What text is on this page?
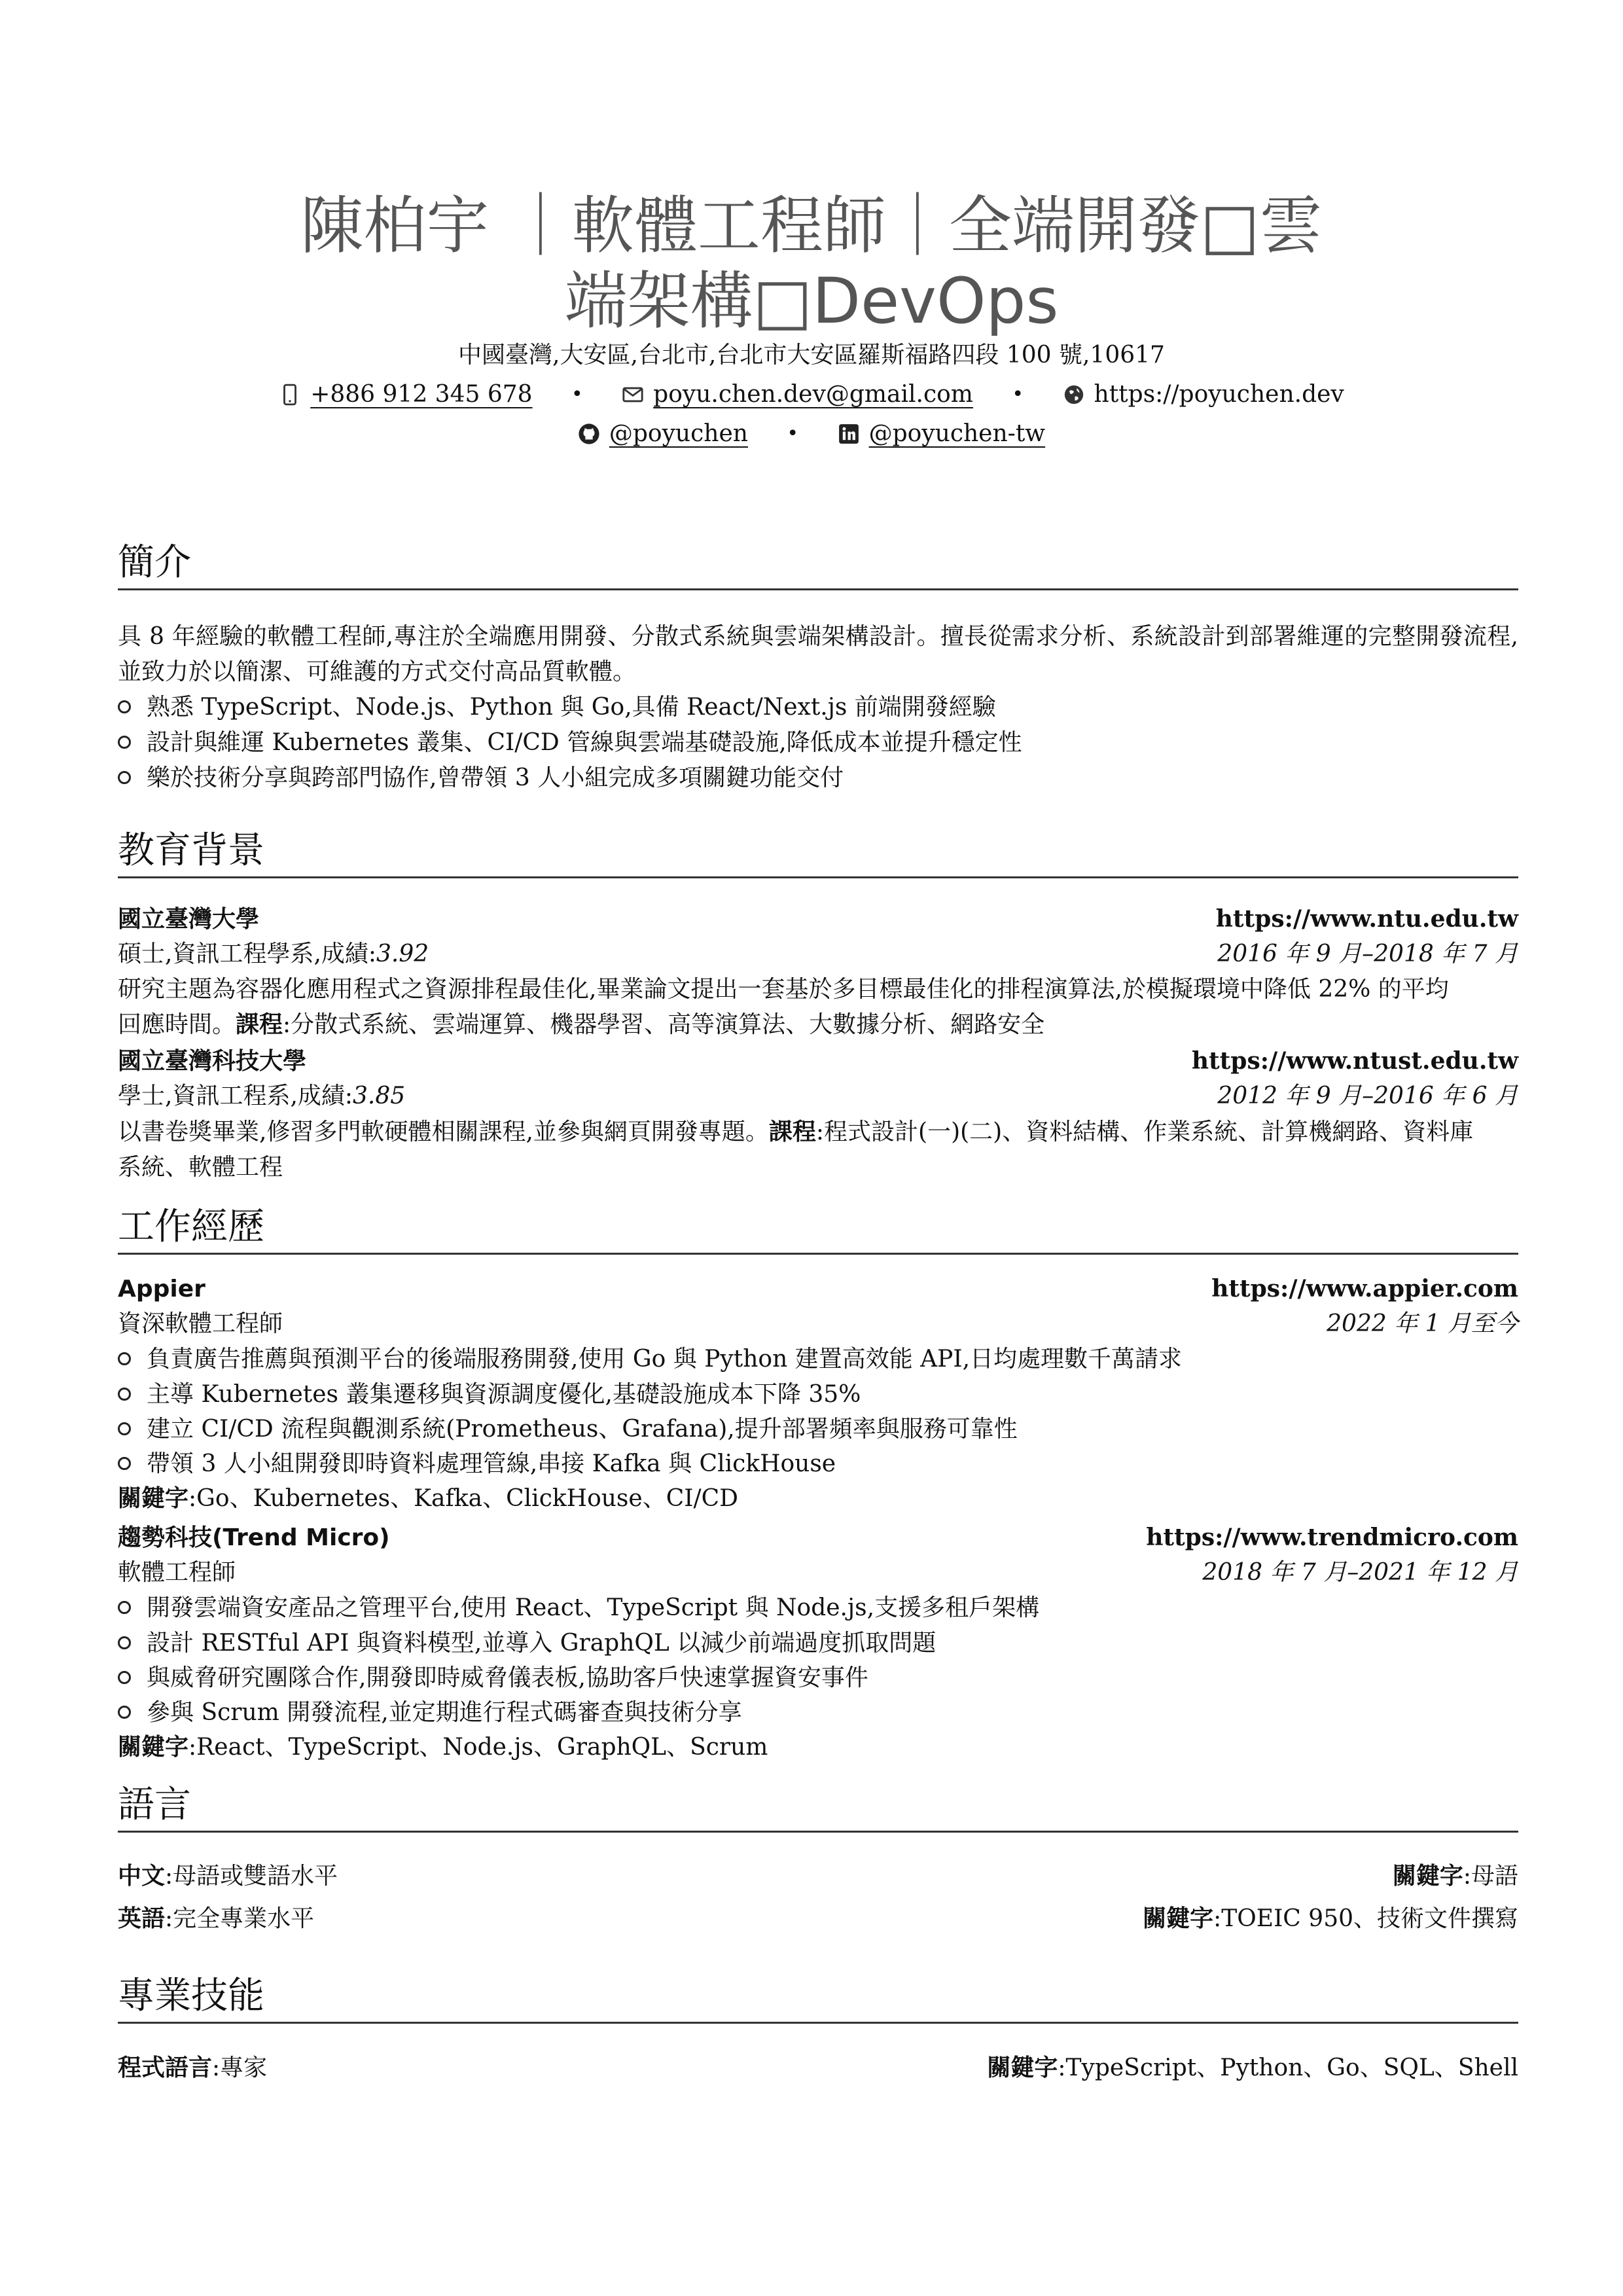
陳柏宇 ｜軟體工程師｜全端開發□雲
端架構□DevOps
中國臺灣,大安區,台北市,台北市大安區羅斯福路四段 100 號,10617
+886 912 345 678 •	poyu.chen.dev@gmail.com •	https://poyuchen.dev
@poyuchen •	@poyuchen-tw
簡介
具 8 年經驗的軟體工程師,專注於全端應用開發、分散式系統與雲端架構設計。擅長從需求分析、系統設計到部署維運的完整開發流程,並致力於以簡潔、可維護的方式交付高品質軟體。
熟悉 TypeScript、Node.js、Python 與 Go,具備 React/Next.js 前端開發經驗
設計與維運 Kubernetes 叢集、CI/CD 管線與雲端基礎設施,降低成本並提升穩定性
樂於技術分享與跨部門協作,曾帶領 3 人小組完成多項關鍵功能交付
教育背景
國立臺灣大學	https://www.ntu.edu.tw
碩士,資訊工程學系,成績:3.92	2016 年 9 月–2018 年 7 月
研究主題為容器化應用程式之資源排程最佳化,畢業論文提出一套基於多目標最佳化的排程演算法,於模擬環境中降低 22% 的平均
回應時間。課程:分散式系統、雲端運算、機器學習、高等演算法、大數據分析、網路安全
國立臺灣科技大學	https://www.ntust.edu.tw
學士,資訊工程系,成績:3.85	2012 年 9 月–2016 年 6 月
以書卷獎畢業,修習多門軟硬體相關課程,並參與網頁開發專題。課程:程式設計(一)(二)、資料結構、作業系統、計算機網路、資料庫
系統、軟體工程
工作經歷
Appier	https://www.appier.com
資深軟體工程師	2022 年 1 月至今
負責廣告推薦與預測平台的後端服務開發,使用 Go 與 Python 建置高效能 API,日均處理數千萬請求
主導 Kubernetes 叢集遷移與資源調度優化,基礎設施成本下降 35%
建立 CI/CD 流程與觀測系統(Prometheus、Grafana),提升部署頻率與服務可靠性
帶領 3 人小組開發即時資料處理管線,串接 Kafka 與 ClickHouse
關鍵字:Go、Kubernetes、Kafka、ClickHouse、CI/CD
趨勢科技(Trend Micro)	https://www.trendmicro.com
軟體工程師	2018 年 7 月–2021 年 12 月
開發雲端資安產品之管理平台,使用 React、TypeScript 與 Node.js,支援多租戶架構
設計 RESTful API 與資料模型,並導入 GraphQL 以減少前端過度抓取問題
與威脅研究團隊合作,開發即時威脅儀表板,協助客戶快速掌握資安事件
參與 Scrum 開發流程,並定期進行程式碼審查與技術分享
關鍵字:React、TypeScript、Node.js、GraphQL、Scrum
語言
中文:母語或雙語水平	關鍵字:母語
英語:完全專業水平	關鍵字:TOEIC 950、技術文件撰寫
專業技能
程式語言:專家	關鍵字:TypeScript、Python、Go、SQL、Shell
